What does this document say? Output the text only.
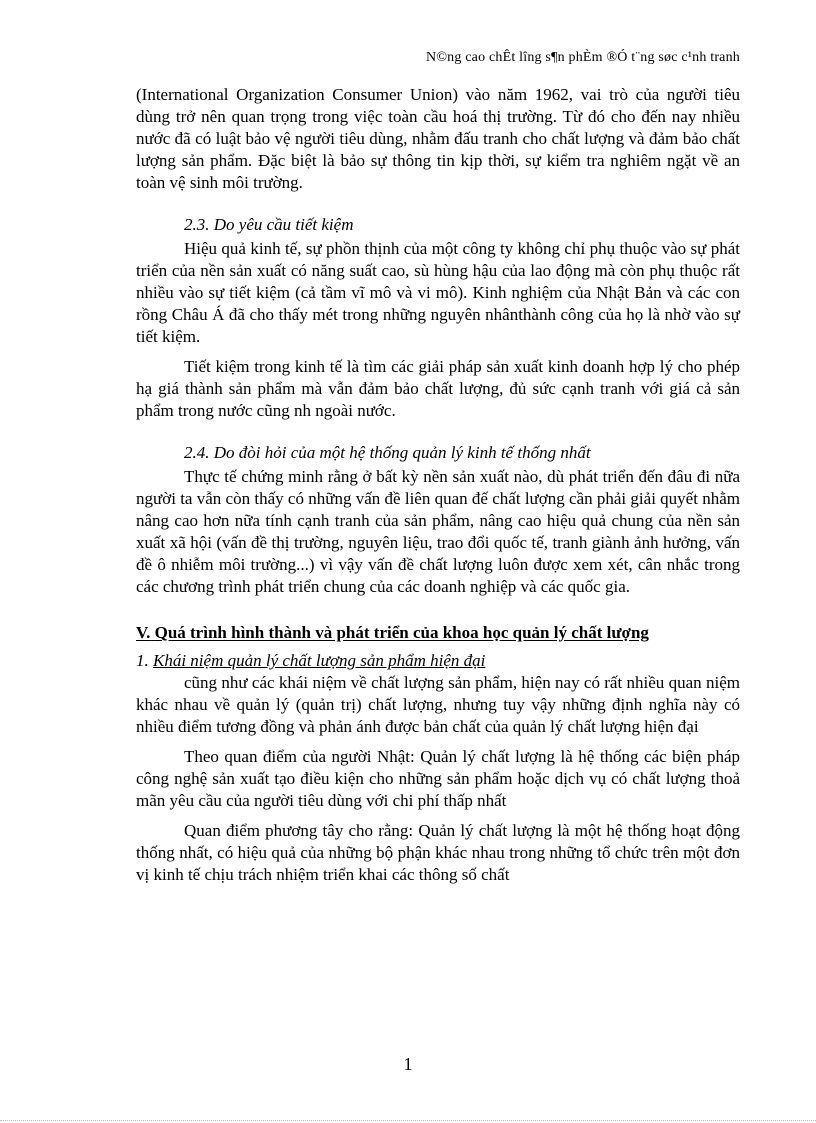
N©ng cao chÊt lîng s¶n phÈm ®Ó t¨ng søc c¹nh tranh

(International Organization Consumer Union) vào năm 1962, vai trò của người tiêu dùng trở nên quan trọng trong việc toàn cầu hoá thị trường. Từ đó cho đến nay nhiều nước đã có luật bảo vệ người tiêu dùng, nhằm đấu tranh cho chất lượng và đảm bảo chất lượng sản phẩm. Đặc biệt là bảo sự thông tin kịp thời, sự kiểm tra nghiêm ngặt về an toàn vệ sinh môi trường.

2.3. Do yêu cầu tiết kiệm

Hiệu quả kinh tế, sự phồn thịnh của một công ty không chỉ phụ thuộc vào sự phát triển của nền sản xuất có năng suất cao, sù hùng hậu của lao động mà còn phụ thuộc rất nhiều vào sự tiết kiệm (cả tầm vĩ mô và vi mô). Kinh nghiệm của Nhật Bản và các con rồng Châu Á đã cho thấy mét trong những nguyên nhânthành công của họ là nhờ vào sự tiết kiệm.

Tiết kiệm trong kinh tế là tìm các giải pháp sản xuất kinh doanh hợp lý cho phép hạ giá thành sản phẩm mà vẫn đảm bảo chất lượng, đủ sức cạnh tranh với giá cả sản phẩm trong nước cũng nh ngoài nước.

2.4. Do đòi hỏi của một hệ thống quản lý kinh tế thống nhất

Thực tế chứng minh rằng ở bất kỳ nền sản xuất nào, dù phát triển đến đâu đi nữa người ta vẫn còn thấy có những vấn đề liên quan đế chất lượng cần phải giải quyết nhằm nâng cao hơn nữa tính cạnh tranh của sản phẩm, nâng cao hiệu quả chung của nền sản xuất xã hội (vấn đề thị trường, nguyên liệu, trao đổi quốc tế, tranh giành ảnh hưởng, vấn đề ô nhiễm môi trường...) vì vậy vấn đề chất lượng luôn được xem xét, cân nhắc trong các chương trình phát triển chung của các doanh nghiệp và các quốc gia.

V. Quá trình hình thành và phát triển của khoa học quản lý chất lượng

1. Khái niệm quản lý chất lượng sản phẩm hiện đại

cũng như các khái niệm về chất lượng sản phẩm, hiện nay có rất nhiều quan niệm khác nhau về quản lý (quản trị) chất lượng, nhưng tuy vậy những định nghĩa này có nhiều điểm tương đồng và phản ánh được bản chất của quản lý chất lượng hiện đại

Theo quan điểm của người Nhật: Quản lý chất lượng là hệ thống các biện pháp công nghệ sản xuất tạo điều kiện cho những sản phẩm hoặc dịch vụ có chất lượng thoả mãn yêu cầu của người tiêu dùng với chi phí thấp nhất

Quan điểm phương tây cho rằng: Quản lý chất lượng là một hệ thống hoạt động thống nhất, có hiệu quả của những bộ phận khác nhau trong những tổ chức trên một đơn vị kinh tế chịu trách nhiệm triển khai các thông số chất

1
